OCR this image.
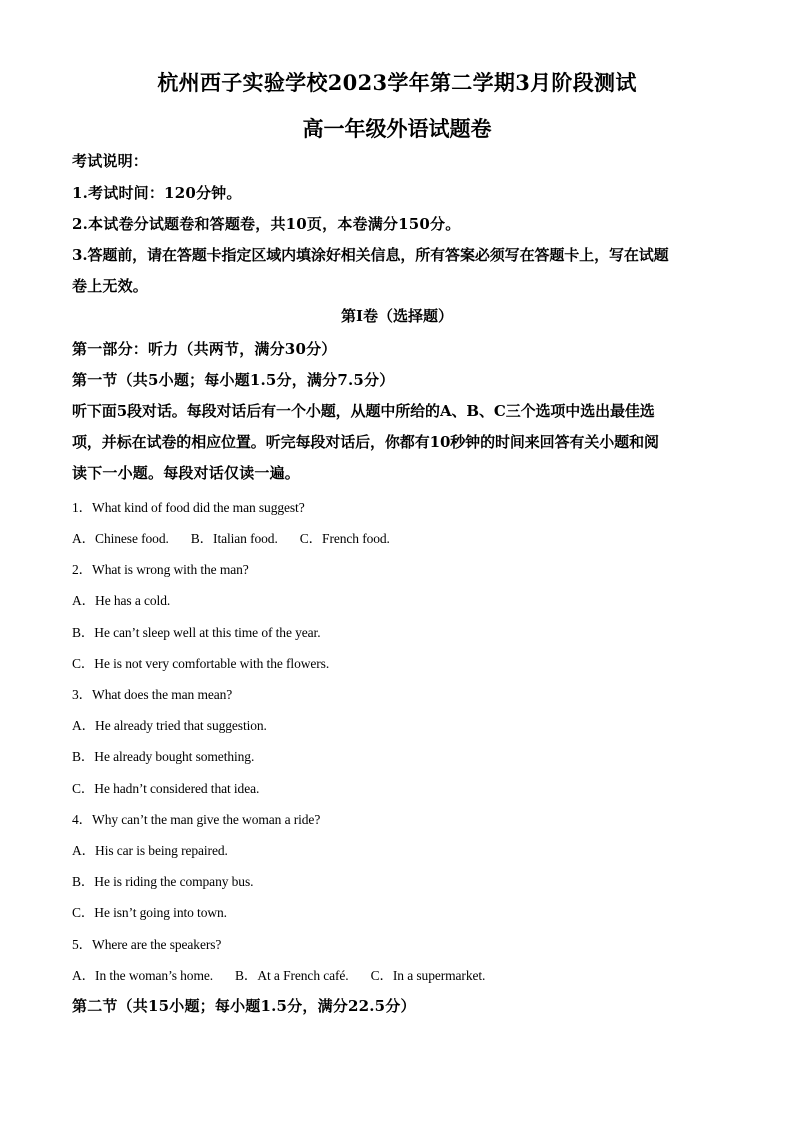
杭州西子实验学校2023学年第二学期3月阶段测试
高一年级外语试题卷
考试说明：
1.考试时间：120分钟。
2.本试卷分试题卷和答题卷，共10页，本卷满分150分。
3.答题前，请在答题卡指定区域内填涂好相关信息，所有答案必须写在答题卡上，写在试题
卷上无效。
第I卷（选择题）
第一部分：听力（共两节，满分30分）
第一节（共5小题；每小题1.5分，满分7.5分）
听下面5段对话。每段对话后有一个小题，从题中所给的A、B、C三个选项中选出最佳选
项，并标在试卷的相应位置。听完每段对话后，你都有10秒钟的时间来回答有关小题和阅
读下一小题。每段对话仅读一遍。
1．What kind of food did the man suggest?
A．Chinese food. B．Italian food. C．French food.
2．What is wrong with the man?
A．He has a cold.
B．He can’t sleep well at this time of the year.
C．He is not very comfortable with the flowers.
3．What does the man mean?
A．He already tried that suggestion.
B．He already bought something.
C．He hadn’t considered that idea.
4．Why can’t the man give the woman a ride?
A．His car is being repaired.
B．He is riding the company bus.
C．He isn’t going into town.
5．Where are the speakers?
A．In the woman’s home. B．At a French café. C．In a supermarket.
第二节（共15小题；每小题1.5分，满分22.5分）
